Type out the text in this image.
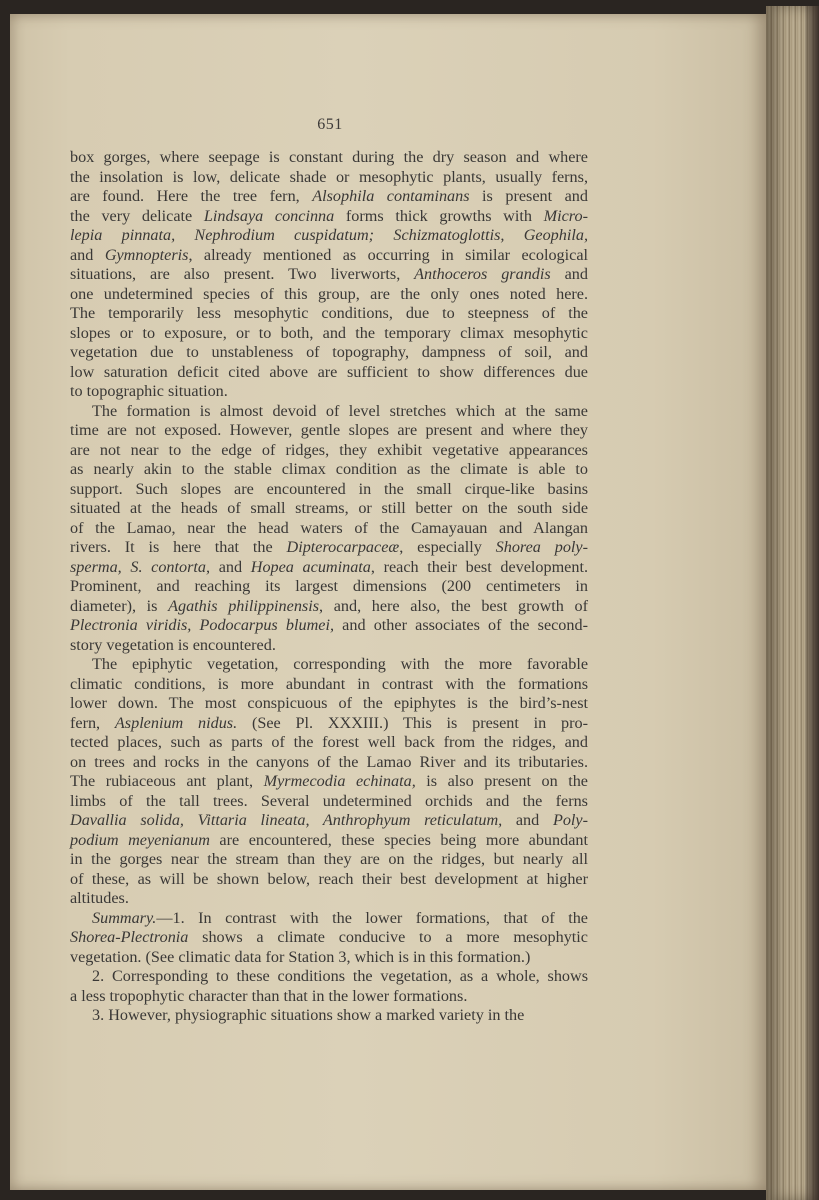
651

box gorges, where seepage is constant during the dry season and where
the insolation is low, delicate shade or mesophytic plants, usually ferns,
are found. Here the tree fern, Alsophila contaminans is present and
the very delicate Lindsaya concinna forms thick growths with Micro-
lepia pinnata, Nephrodium cuspidatum; Schizmatoglottis, Geophila,
and Gymnopteris, already mentioned as occurring in similar ecological
situations, are also present. Two liverworts, Anthoceros grandis and
one undetermined species of this group, are the only ones noted here.
The temporarily less mesophytic conditions, due to steepness of the
slopes or to exposure, or to both, and the temporary climax mesophytic
vegetation due to unstableness of topography, dampness of soil, and
low saturation deficit cited above are sufficient to show differences due
to topographic situation.

The formation is almost devoid of level stretches which at the same
time are not exposed. However, gentle slopes are present and where they
are not near to the edge of ridges, they exhibit vegetative appearances
as nearly akin to the stable climax condition as the climate is able to
support. Such slopes are encountered in the small cirque-like basins
situated at the heads of small streams, or still better on the south side
of the Lamao, near the head waters of the Camayauan and Alangan
rivers. It is here that the Dipterocarpaceæ, especially Shorea poly-
sperma, S. contorta, and Hopea acuminata, reach their best development.
Prominent, and reaching its largest dimensions (200 centimeters in
diameter), is Agathis philippinensis, and, here also, the best growth of
Plectronia viridis, Podocarpus blumei, and other associates of the second-
story vegetation is encountered.

The epiphytic vegetation, corresponding with the more favorable
climatic conditions, is more abundant in contrast with the formations
lower down. The most conspicuous of the epiphytes is the bird’s-nest
fern, Asplenium nidus. (See Pl. XXXIII.) This is present in pro-
tected places, such as parts of the forest well back from the ridges, and
on trees and rocks in the canyons of the Lamao River and its tributaries.
The rubiaceous ant plant, Myrmecodia echinata, is also present on the
limbs of the tall trees. Several undetermined orchids and the ferns
Davallia solida, Vittaria lineata, Anthrophyum reticulatum, and Poly-
podium meyenianum are encountered, these species being more abundant
in the gorges near the stream than they are on the ridges, but nearly all
of these, as will be shown below, reach their best development at higher
altitudes.

Summary.—1. In contrast with the lower formations, that of the
Shorea-Plectronia shows a climate conducive to a more mesophytic
vegetation. (See climatic data for Station 3, which is in this formation.)

2. Corresponding to these conditions the vegetation, as a whole, shows
a less tropophytic character than that in the lower formations.

3. However, physiographic situations show a marked variety in the
